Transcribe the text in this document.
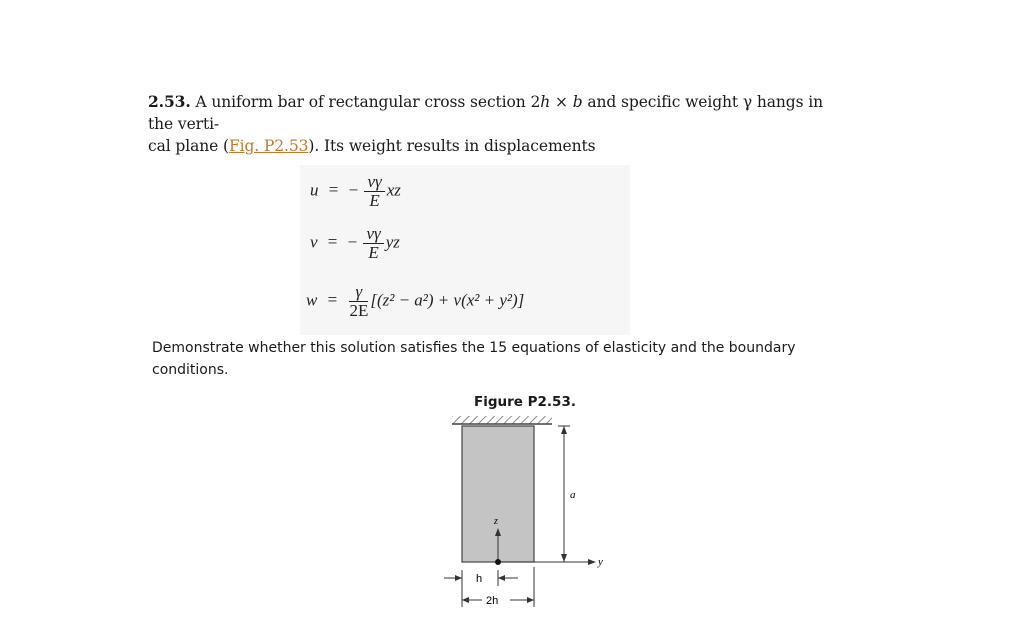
2.53. A uniform bar of rectangular cross section 2h × b and specific weight γ hangs in the verti-
cal plane (Fig. P2.53). Its weight results in displacements
u = − $\frac{\nu\gamma}{E}$ xz
v = − $\frac{\nu\gamma}{E}$ yz
$w = \frac{\gamma}{2E} [(z^2 - a^2) + \nu(x^2 + y^2)]$
Demonstrate whether this solution satisfies the 15 equations of elasticity and the boundary conditions.
Figure P2.53.
a
y
z
h
2h
